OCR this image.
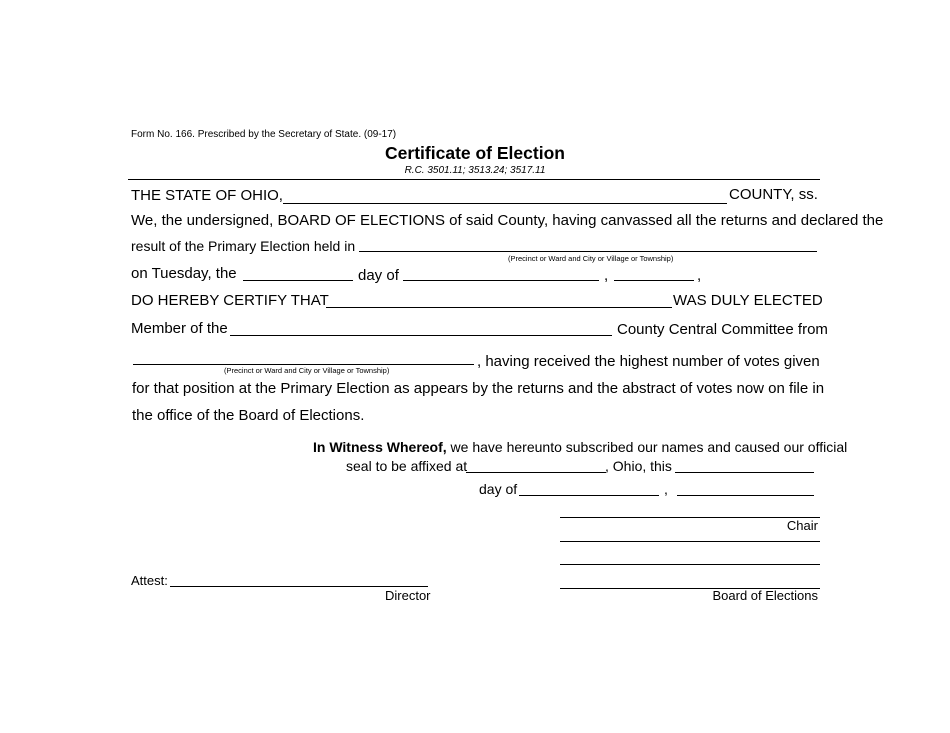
Form No. 166. Prescribed by the Secretary of State. (09-17)
Certificate of Election
R.C. 3501.11; 3513.24; 3517.11
THE STATE OF OHIO,	COUNTY, ss.
We, the undersigned, BOARD OF ELECTIONS of said County, having canvassed all the returns and declared the
result of the Primary Election held in
(Precinct or Ward and City or Village or Township)
on Tuesday, the	day of	,	,
DO HEREBY CERTIFY THAT	WAS DULY ELECTED
Member of the	County Central Committee from
(Precinct or Ward and City or Village or Township)
, having received the highest number of votes given
for that position at the Primary Election as appears by the returns and the abstract of votes now on file in
the office of the Board of Elections.
In Witness Whereof, we have hereunto subscribed our names and caused our official
seal to be affixed at	, Ohio, this
day of	,
Chair
Board of Elections
Attest:
Director
